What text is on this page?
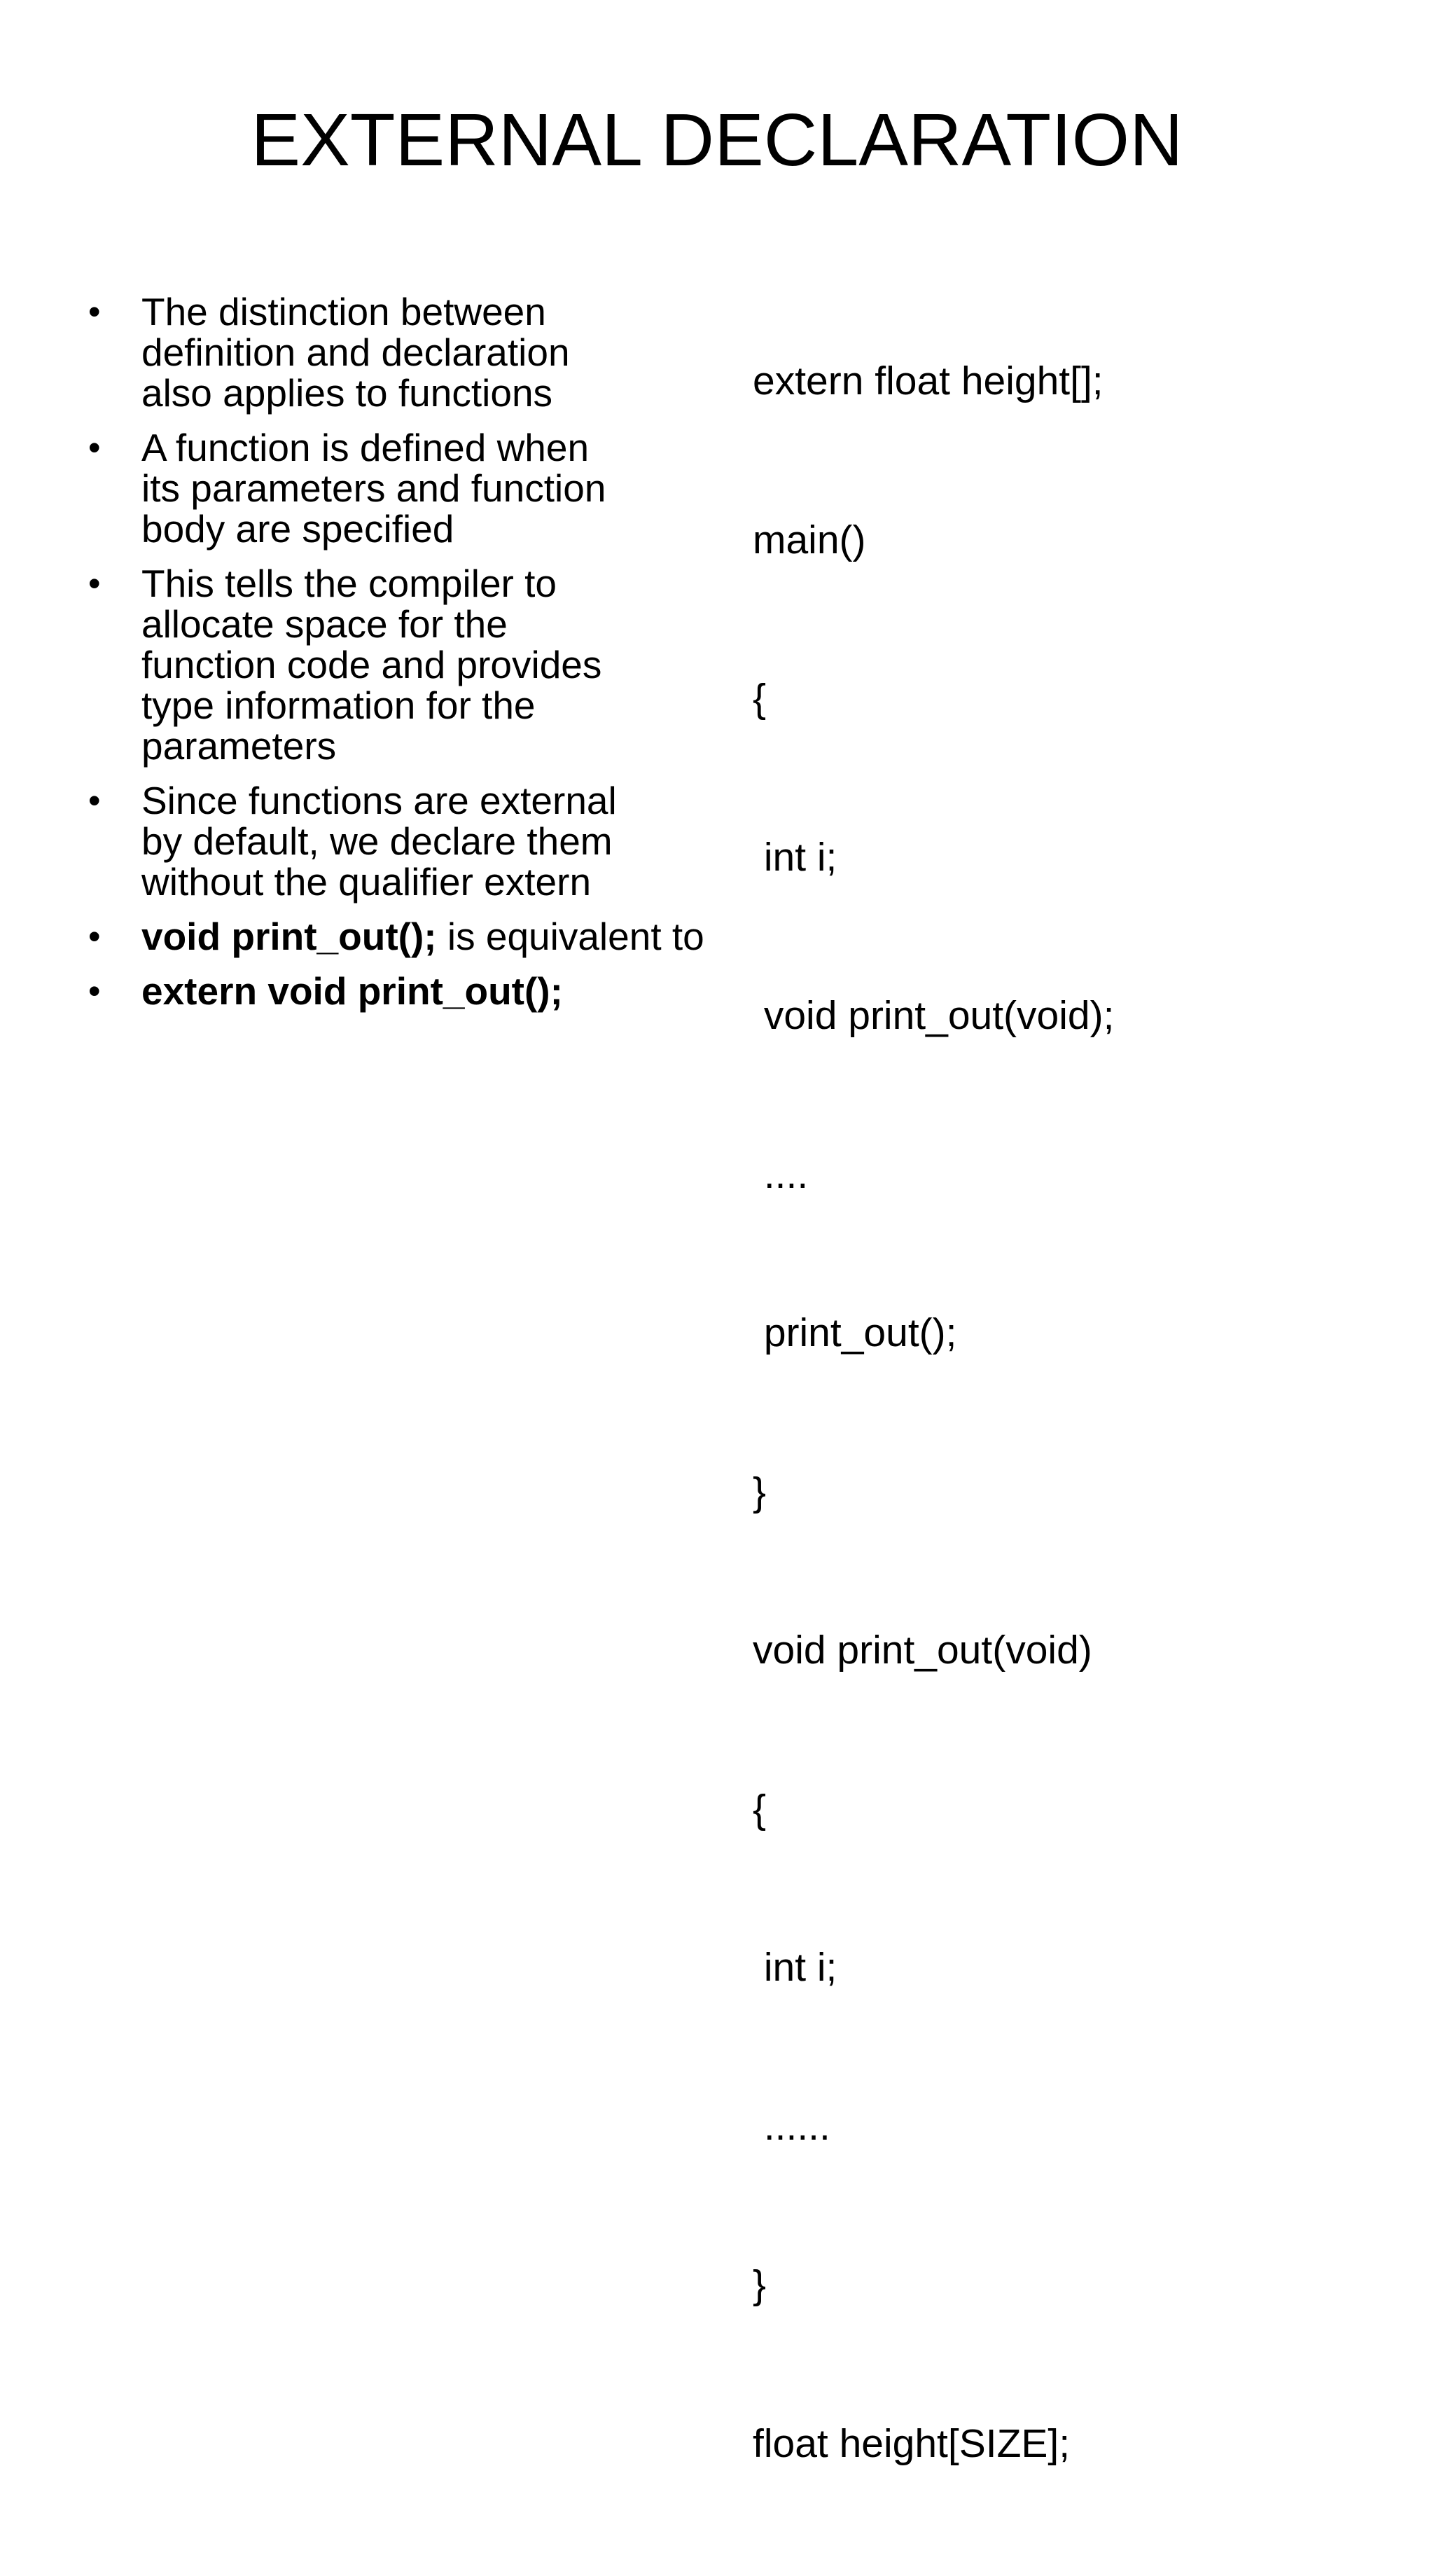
EXTERNAL DECLARATION
• The distinction between
definition and declaration
also applies to functions
• A function is defined when
its parameters and function
body are specified
• This tells the compiler to
allocate space for the
function code and provides
type information for the
parameters
• Since functions are external
by default, we declare them
without the qualifier extern
• void print_out(); is equivalent to
• extern void print_out();

extern float height[];

main()

{

int i;

void print_out(void);

....

print_out();

}

void print_out(void)

{

int i;

......

}

float height[SIZE];
